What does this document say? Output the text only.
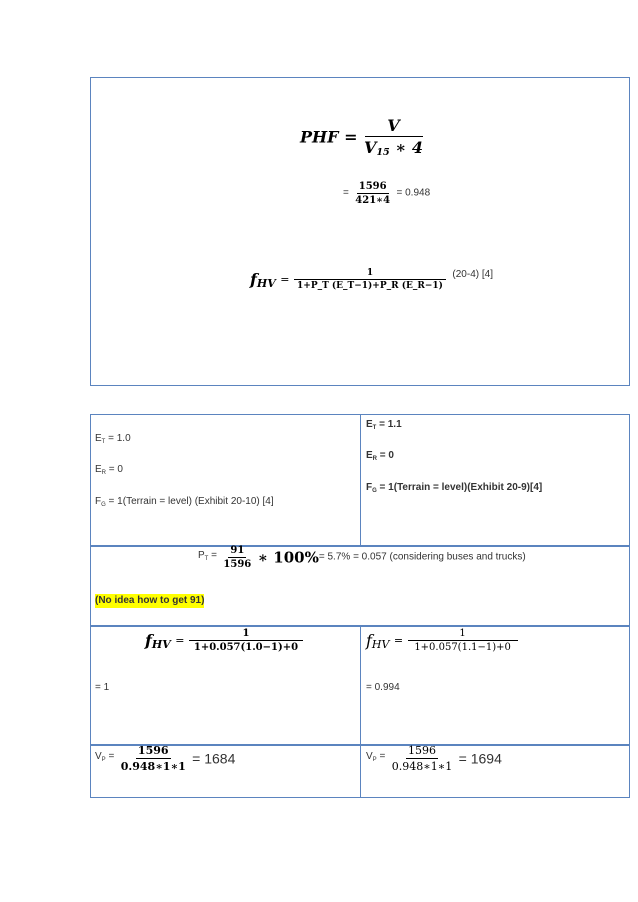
PHF = $\frac{V}{V_{15} ∗ 4}$
= $\frac{1596}{421∗4} = 0.948$
$f_{HV} = \frac{1}{1+P\_T (E\_T-1)+P\_R (E\_R-1)} ^{(20-4) [4]}$
$E_T = 1.0$
$E_R = 0$
$F_G$ = 1(Terrain = level) (Exhibit 20-10) [4]
$E_T = 1.1$
$E_R = 0$
$F_G$ = 1(Terrain = level)(Exhibit 20-9)[4]
$P_T = \frac{91}{1596}$ ∗ 100%= 5.7% = 0.057 (considering buses and trucks)
(No idea how to get 91)
$f_{HV} = \frac{1}{1+0.057(1.0-1)+0}$
= 1
$f_{HV} = \frac{1}{1+0.057(1.1-1)+0}$
= 0.994
$V_P = \frac{1596}{0.948∗1∗1} = 1684$	$V_P = \frac{1596}{0.948∗1∗1} = 1694$
